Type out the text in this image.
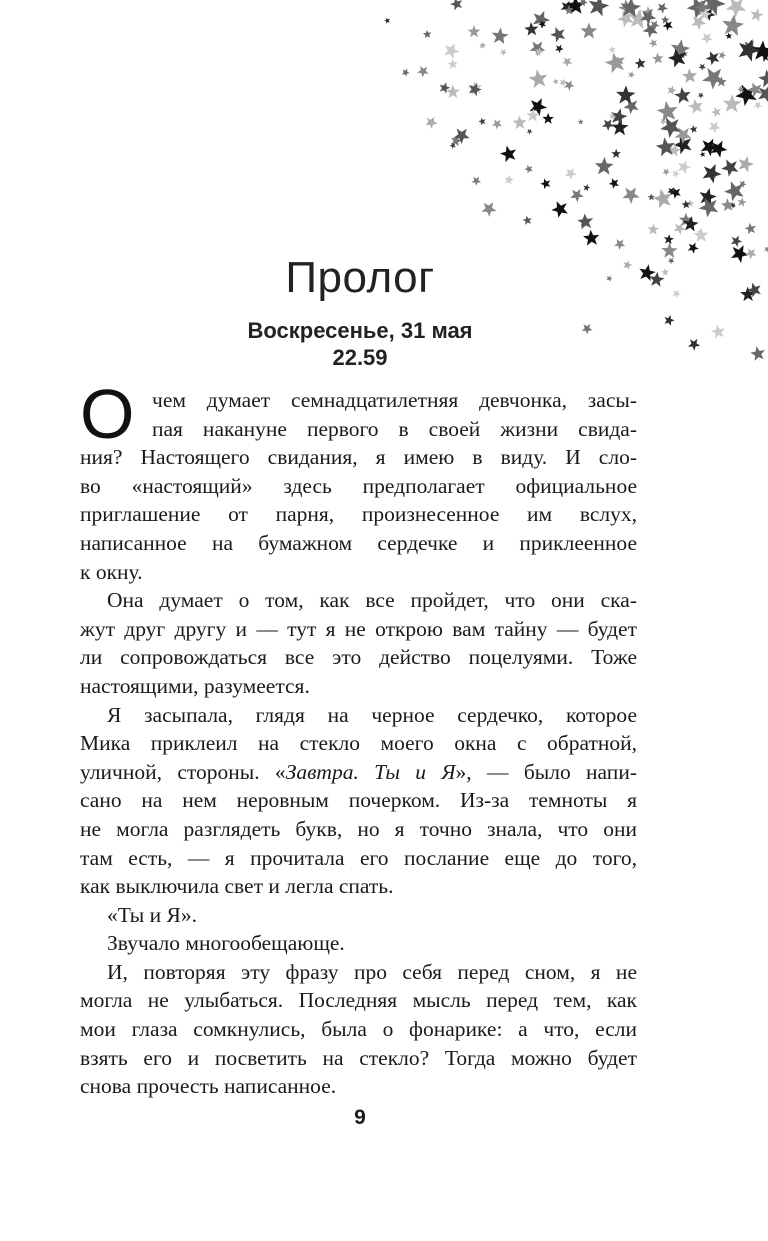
Пролог
Воскресенье, 31 мая
22.59
О чем думает семнадцатилетняя девчонка, засы-
пая накануне первого в своей жизни свида-
ния? Настоящего свидания, я имею в виду. И сло-
во «настоящий» здесь предполагает официальное
приглашение от парня, произнесенное им вслух,
написанное на бумажном сердечке и приклеенное
к окну.
Она думает о том, как все пройдет, что они ска-
жут друг другу и — тут я не открою вам тайну — будет
ли сопровождаться все это действо поцелуями. Тоже
настоящими, разумеется.
Я засыпала, глядя на черное сердечко, которое
Мика приклеил на стекло моего окна с обратной,
уличной, стороны. «Завтра. Ты и Я», — было напи-
сано на нем неровным почерком. Из-за темноты я
не могла разглядеть букв, но я точно знала, что они
там есть, — я прочитала его послание еще до того,
как выключила свет и легла спать.
«Ты и Я».
Звучало многообещающе.
И, повторяя эту фразу про себя перед сном, я не
могла не улыбаться. Последняя мысль перед тем, как
мои глаза сомкнулись, была о фонарике: а что, если
взять его и посветить на стекло? Тогда можно будет
снова прочесть написанное.
9
